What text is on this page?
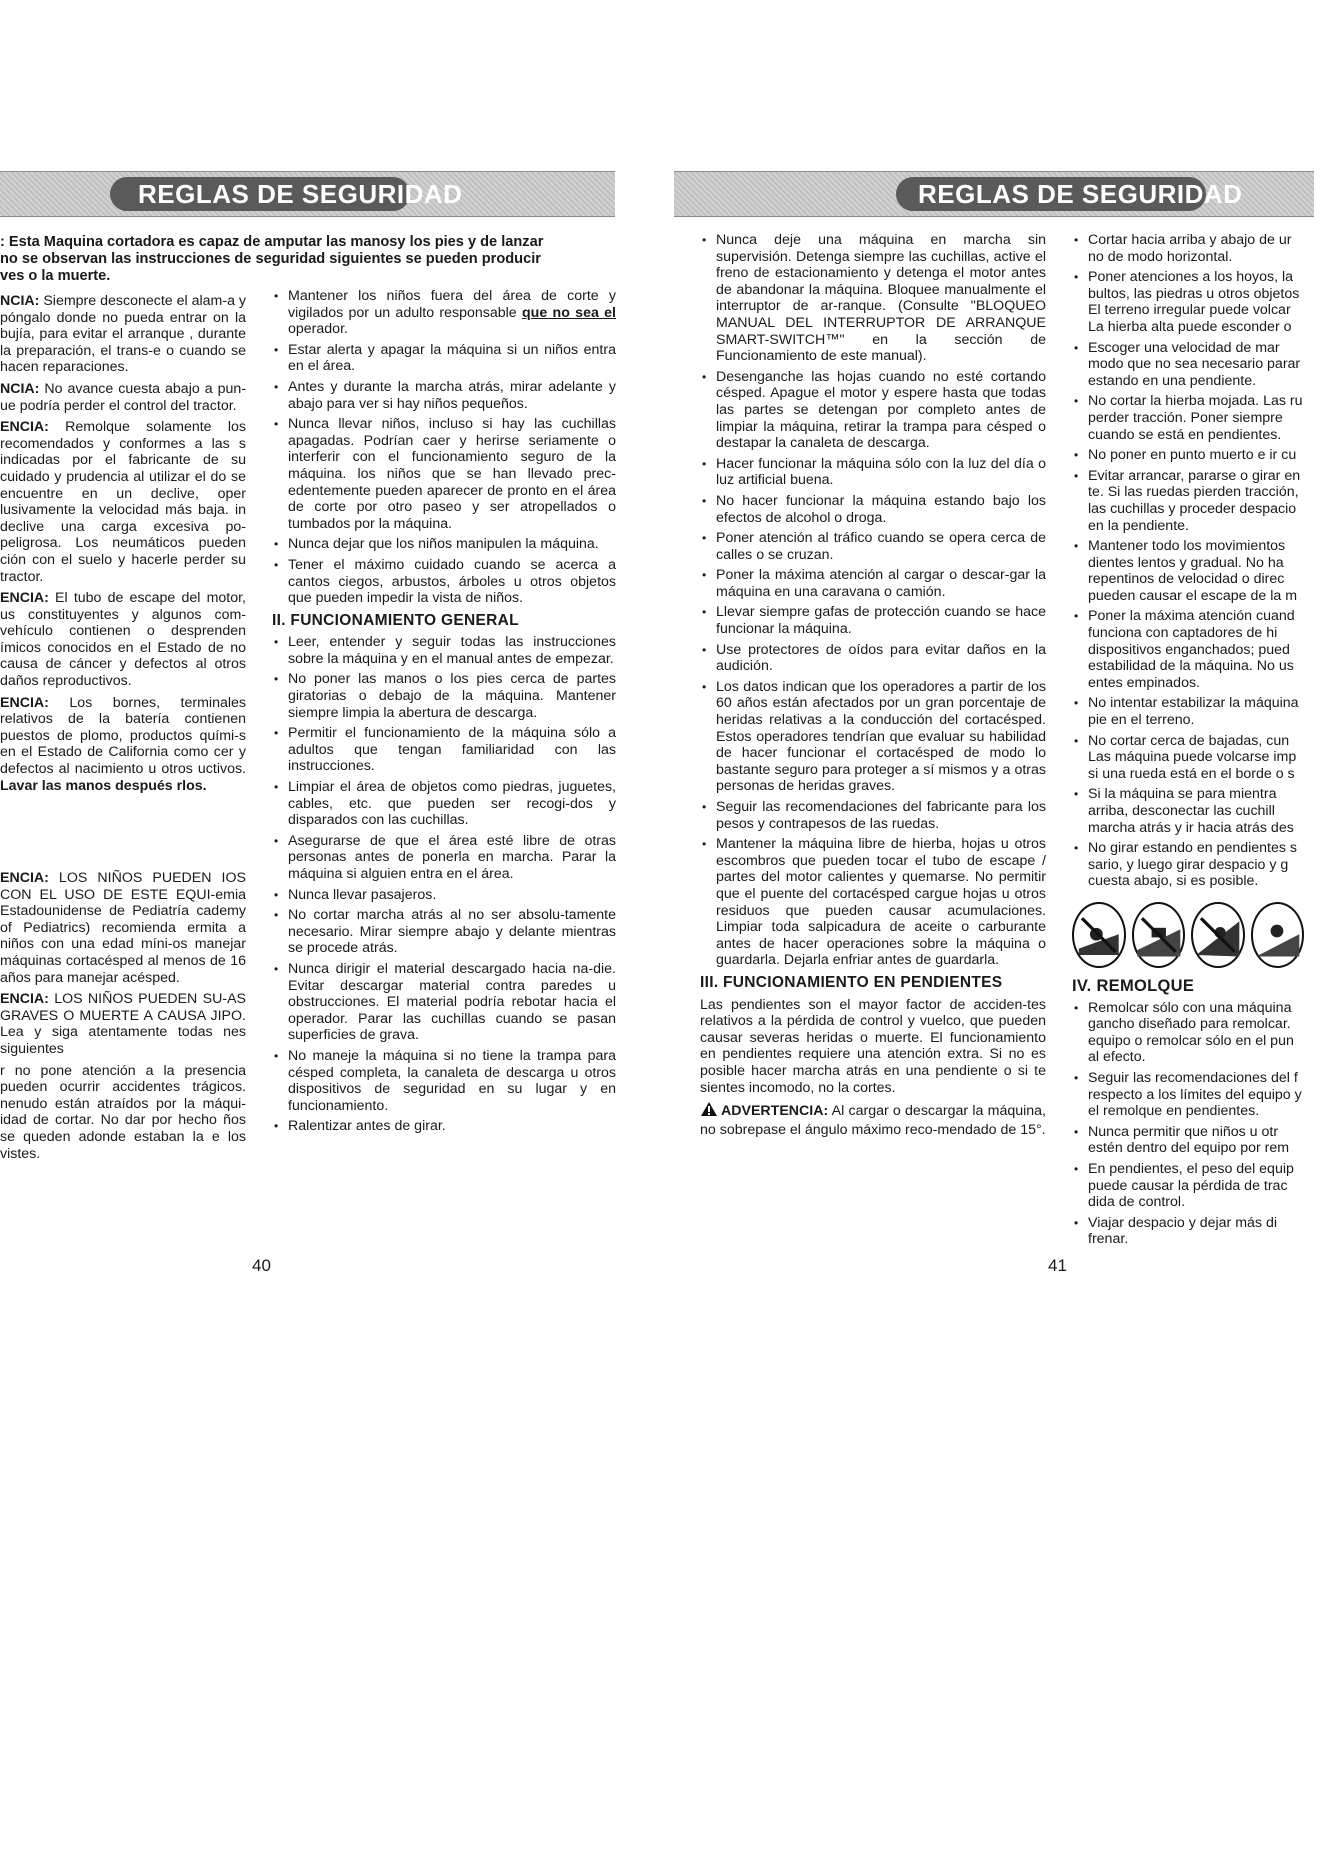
REGLAS DE SEGURIDAD	REGLAS DE SEGURIDAD
: Esta Maquina cortadora es capaz de amputar las manosy los pies y de lanzar
no se observan las instrucciones de seguridad siguientes se pueden producir
ves o la muerte.

NCIA: Siempre desconecte el alam-a y póngalo donde no pueda entrar on la bujía, para evitar el arranque , durante la preparación, el trans-e o cuando se hacen reparaciones.

NCIA: No avance cuesta abajo a pun-ue podría perder el control del tractor.

ENCIA: Remolque solamente los recomendados y conformes a las s indicadas por el fabricante de su cuidado y prudencia al utilizar el do se encuentre en un declive, oper lusivamente la velocidad más baja. in declive una carga excesiva po-peligrosa. Los neumáticos pueden ción con el suelo y hacerle perder su tractor.

ENCIA: El tubo de escape del motor, us constituyentes y algunos com-vehículo contienen o desprenden ímicos conocidos en el Estado de no causa de cáncer y defectos al otros daños reproductivos.

ENCIA: Los bornes, terminales relativos de la batería contienen puestos de plomo, productos quími-s en el Estado de California como cer y defectos al nacimiento u otros uctivos. Lavar las manos después rlos.

ENCIA: LOS NIÑOS PUEDEN IOS CON EL USO DE ESTE EQUI-emia Estadounidense de Pediatría cademy of Pediatrics) recomienda ermita a niños con una edad míni-os manejar máquinas cortacésped al menos de 16 años para manejar acésped.

ENCIA: LOS NIÑOS PUEDEN SU-AS GRAVES O MUERTE A CAUSA JIPO. Lea y siga atentamente todas nes siguientes

r no pone atención a la presencia pueden ocurrir accidentes trágicos. nenudo están atraídos por la máqui-idad de cortar. No dar por hecho ños se queden adonde estaban la e los vistes.

• Mantener los niños fuera del área de corte y vigilados por un adulto responsable que no sea el operador.
• Estar alerta y apagar la máquina si un niños entra en el área.
• Antes y durante la marcha atrás, mirar adelante y abajo para ver si hay niños pequeños.
• Nunca llevar niños, incluso si hay las cuchillas apagadas. Podrían caer y herirse seriamente o interferir con el funcionamiento seguro de la máquina. los niños que se han llevado prec-edentemente pueden aparecer de pronto en el área de corte por otro paseo y ser atropellados o tumbados por la máquina.
• Nunca dejar que los niños manipulen la máquina.
• Tener el máximo cuidado cuando se acerca a cantos ciegos, arbustos, árboles u otros objetos que pueden impedir la vista de niños.
II. FUNCIONAMIENTO GENERAL
• Leer, entender y seguir todas las instrucciones sobre la máquina y en el manual antes de empezar.
• No poner las manos o los pies cerca de partes giratorias o debajo de la máquina. Mantener siempre limpia la abertura de descarga.
• Permitir el funcionamiento de la máquina sólo a adultos que tengan familiaridad con las instrucciones.
• Limpiar el área de objetos como piedras, juguetes, cables, etc. que pueden ser recogi-dos y disparados con las cuchillas.
• Asegurarse de que el área esté libre de otras personas antes de ponerla en marcha. Parar la máquina si alguien entra en el área.
• Nunca llevar pasajeros.
• No cortar marcha atrás al no ser absolu-tamente necesario. Mirar siempre abajo y delante mientras se procede atrás.
• Nunca dirigir el material descargado hacia na-die. Evitar descargar material contra paredes u obstrucciones. El material podría rebotar hacia el operador. Parar las cuchillas cuando se pasan superficies de grava.
• No maneje la máquina si no tiene la trampa para césped completa, la canaleta de descarga u otros dispositivos de seguridad en su lugar y en funcionamiento.
• Ralentizar antes de girar.
• Nunca deje una máquina en marcha sin supervisión. Detenga siempre las cuchillas, active el freno de estacionamiento y detenga el motor antes de abandonar la máquina. Bloquee manualmente el interruptor de ar-ranque. (Consulte "BLOQUEO MANUAL DEL INTERRUPTOR DE ARRANQUE SMART-SWITCH™" en la sección de Funcionamiento de este manual).
• Desenganche las hojas cuando no esté cortando césped. Apague el motor y espere hasta que todas las partes se detengan por completo antes de limpiar la máquina, retirar la trampa para césped o destapar la canaleta de descarga.
• Hacer funcionar la máquina sólo con la luz del día o luz artificial buena.
• No hacer funcionar la máquina estando bajo los efectos de alcohol o droga.
• Poner atención al tráfico cuando se opera cerca de calles o se cruzan.
• Poner la máxima atención al cargar o descar-gar la máquina en una caravana o camión.
• Llevar siempre gafas de protección cuando se hace funcionar la máquina.
• Use protectores de oídos para evitar daños en la audición.
• Los datos indican que los operadores a partir de los 60 años están afectados por un gran porcentaje de heridas relativas a la conducción del cortacésped. Estos operadores tendrían que evaluar su habilidad de hacer funcionar el cortacésped de modo lo bastante seguro para proteger a sí mismos y a otras personas de heridas graves.
• Seguir las recomendaciones del fabricante para los pesos y contrapesos de las ruedas.
• Mantener la máquina libre de hierba, hojas u otros escombros que pueden tocar el tubo de escape / partes del motor calientes y quemarse. No permitir que el puente del cortacésped cargue hojas u otros residuos que pueden causar acumulaciones. Limpiar toda salpicadura de aceite o carburante antes de hacer operaciones sobre la máquina o guardarla. Dejarla enfriar antes de guardarla.
III. FUNCIONAMIENTO EN PENDIENTES

Las pendientes son el mayor factor de acciden-tes relativos a la pérdida de control y vuelco, que pueden causar severas heridas o muerte. El funcionamiento en pendientes requiere una atención extra. Si no es posible hacer marcha atrás en una pendiente o si te sientes incomodo, no la cortes.

ADVERTENCIA: Al cargar o descargar la máquina, no sobrepase el ángulo máximo reco-mendado de 15°.

• Cortar hacia arriba y abajo de ur no de modo horizontal.
• Poner atenciones a los hoyos, la bultos, las piedras u otros objetos El terreno irregular puede volcar La hierba alta puede esconder o
• Escoger una velocidad de mar modo que no sea necesario parar estando en una pendiente.
• No cortar la hierba mojada. Las ru perder tracción. Poner siempre cuando se está en pendientes.
• No poner en punto muerto e ir cu
• Evitar arrancar, pararse o girar en te. Si las ruedas pierden tracción, las cuchillas y proceder despacio en la pendiente.
• Mantener todo los movimientos dientes lentos y gradual. No ha repentinos de velocidad o direc pueden causar el escape de la m
• Poner la máxima atención cuand funciona con captadores de hi dispositivos enganchados; pued estabilidad de la máquina. No us entes empinados.
• No intentar estabilizar la máquina pie en el terreno.
• No cortar cerca de bajadas, cun Las máquina puede volcarse imp si una rueda está en el borde o s
• Si la máquina se para mientra arriba, desconectar las cuchill marcha atrás y ir hacia atrás des
• No girar estando en pendientes s sario, y luego girar despacio y g cuesta abajo, si es posible.
IV. REMOLQUE
• Remolcar sólo con una máquina gancho diseñado para remolcar. equipo o remolcar sólo en el pun al efecto.
• Seguir las recomendaciones del f respecto a los límites del equipo y el remolque en pendientes.
• Nunca permitir que niños u otr estén dentro del equipo por rem
• En pendientes, el peso del equip puede causar la pérdida de trac dida de control.
• Viajar despacio y dejar más di frenar.
40	41
